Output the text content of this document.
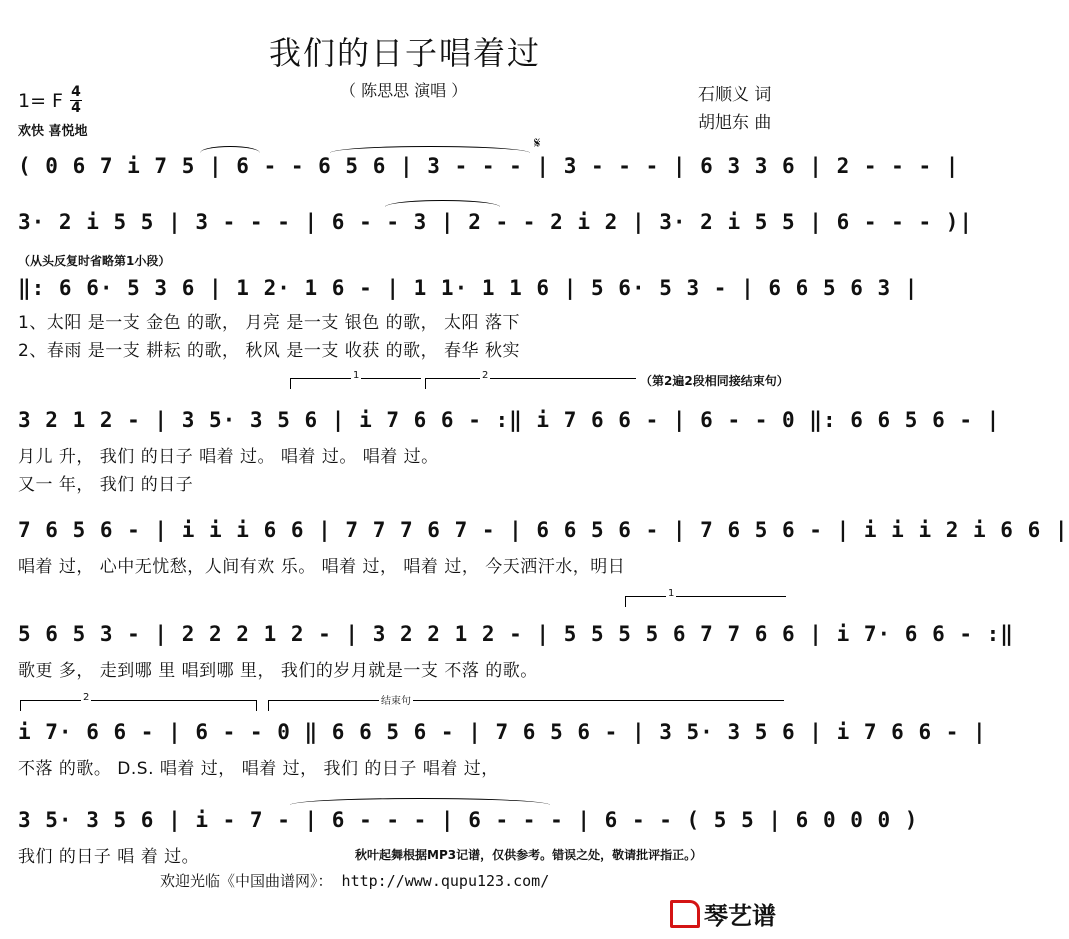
我们的日子唱着过
（ 陈思思 演唱 ）	石顺义 词
胡旭东 曲
1= F 4
4
欢快 喜悦地
𝄋
( 0 6 7 i 7 5 | 6 - - 6 5 6 | 3 - - - | 3 - - - | 6 3 3 6 | 2 - - - |
3· 2 i 5 5 | 3 - - - | 6 - - 3 | 2 - - 2 i 2 | 3· 2 i 5 5 | 6 - - - )|
（从头反复时省略第1小段）
‖: 6 6· 5 3 6 | 1 2· 1 6 - | 1 1· 1 1 6 | 5 6· 5 3 - | 6 6 5 6 3 |
1、太阳 是一支 金色 的歌， 月亮 是一支 银色 的歌， 太阳 落下
2、春雨 是一支 耕耘 的歌， 秋风 是一支 收获 的歌， 春华 秋实
1	2	（第2遍2段相同接结束句）
3 2 1 2 - | 3 5· 3 5 6 | i 7 6 6 - :‖ i 7 6 6 - | 6 - - 0 ‖: 6 6 5 6 - |
月儿 升， 我们 的日子 唱着 过。 唱着 过。 唱着 过。
又一 年， 我们 的日子
7 6 5 6 - | i i i 6 6 | 7 7 7 6 7 - | 6 6 5 6 - | 7 6 5 6 - | i i i 2 i 6 6 |
唱着 过， 心中无忧愁，人间有欢 乐。 唱着 过， 唱着 过， 今天洒汗水，明日
1
5 6 5 3 - | 2 2 2 1 2 - | 3 2 2 1 2 - | 5 5 5 5 6 7 7 6 6 | i 7· 6 6 - :‖
歌更 多， 走到哪 里 唱到哪 里， 我们的岁月就是一支 不落 的歌。
2	结束句
i 7· 6 6 - | 6 - - 0 ‖ 6 6 5 6 - | 7 6 5 6 - | 3 5· 3 5 6 | i 7 6 6 - |
不落 的歌。 D.S. 唱着 过， 唱着 过， 我们 的日子 唱着 过，
3 5· 3 5 6 | i - 7 - | 6 - - - | 6 - - - | 6 - - ( 5 5 | 6 0 0 0 )
我们 的日子 唱 着 过。	秋叶起舞根据MP3记谱，仅供参考。错误之处，敬请批评指正。）
欢迎光临《中国曲谱网》： http://www.qupu123.com/
琴艺谱
